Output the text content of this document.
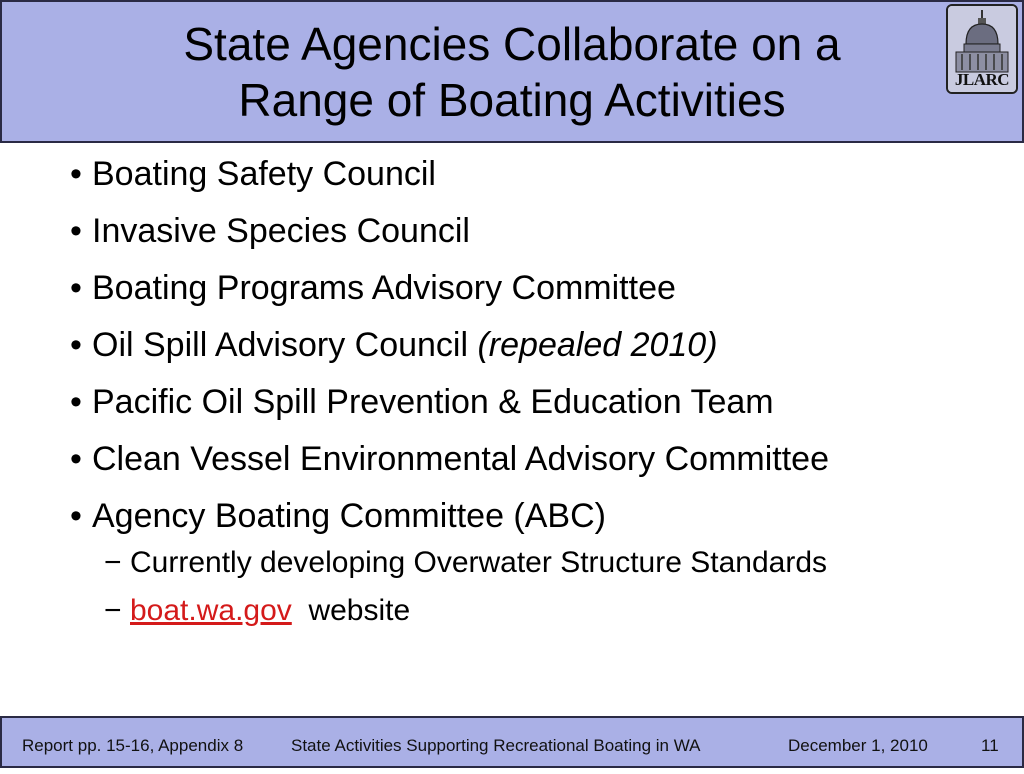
State Agencies Collaborate on a
Range of Boating Activities	JLARC
• Boating Safety Council
• Invasive Species Council
• Boating Programs Advisory Committee
• Oil Spill Advisory Council (repealed 2010)
• Pacific Oil Spill Prevention & Education Team
• Clean Vessel Environmental Advisory Committee
• Agency Boating Committee (ABC)
− Currently developing Overwater Structure Standards
− boat.wa.gov website
Report pp. 15-16, Appendix 8	State Activities Supporting Recreational Boating in WA	December 1, 2010	11
